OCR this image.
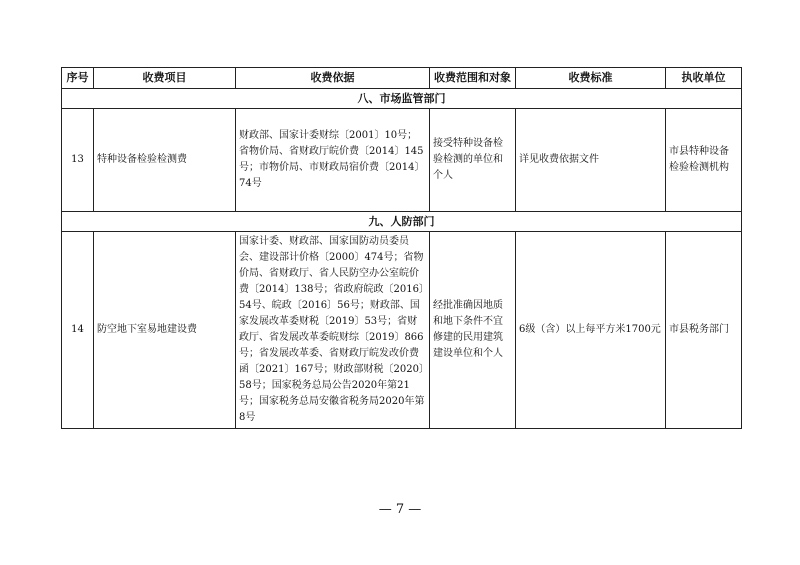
序号	收费项目	收费依据	收费范围和对象	收费标准	执收单位
八、市场监管部门					
13	特种设备检验检测费	财政部、国家计委财综〔2001〕10号；省物价局、省财政厅皖价费〔2014〕145号；市物价局、市财政局宿价费〔2014〕74号	接受特种设备检验检测的单位和个人	详见收费依据文件	市县特种设备检验检测机构
九、人防部门					
14	防空地下室易地建设费	国家计委、财政部、国家国防动员委员会、建设部计价格〔2000〕474号；省物价局、省财政厅、省人民防空办公室皖价费〔2014〕138号；省政府皖政〔2016〕54号、皖政〔2016〕56号；财政部、国家发展改革委财税〔2019〕53号；省财政厅、省发展改革委皖财综〔2019〕866号；省发展改革委、省财政厅皖发改价费函〔2021〕167号；财政部财税〔2020〕58号；国家税务总局公告2020年第21号；国家税务总局安徽省税务局2020年第8号	经批准确因地质和地下条件不宜修建的民用建筑建设单位和个人	6级（含）以上每平方米1700元	市县税务部门
— 7 —
